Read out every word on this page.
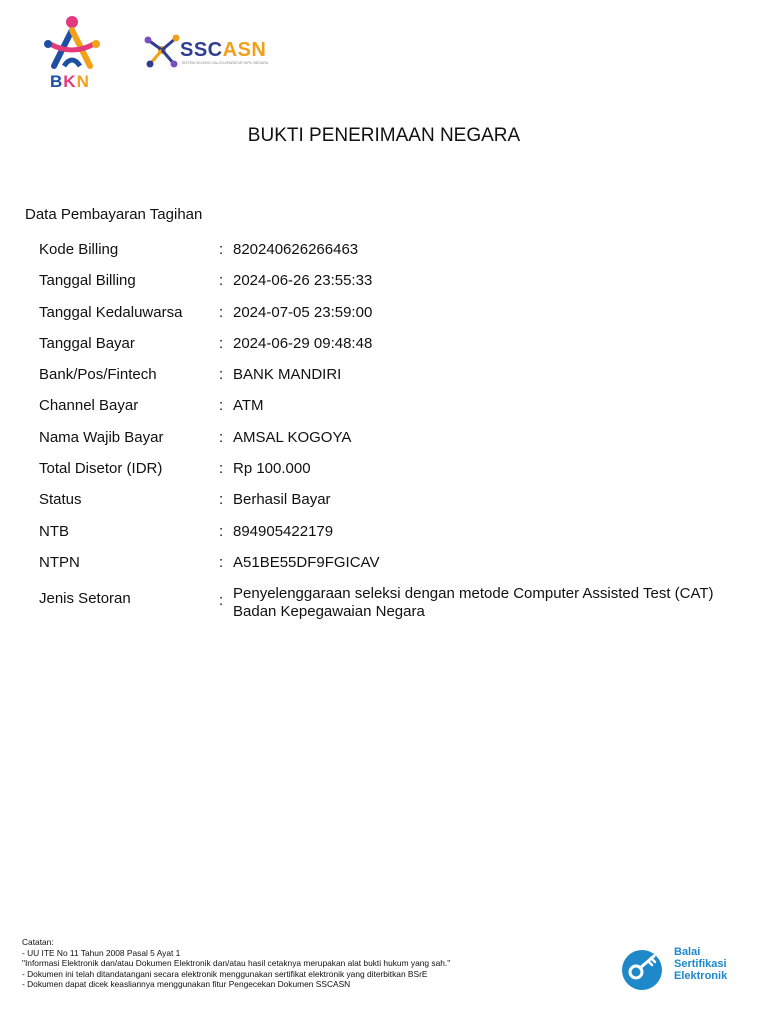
BKN
SSCASN
SISTEM SELEKSI CALON APARATUR SIPIL NEGARA
BUKTI PENERIMAAN NEGARA
Data Pembayaran Tagihan
Kode Billing	: 820240626266463
Tanggal Billing	: 2024-06-26 23:55:33
Tanggal Kedaluwarsa	: 2024-07-05 23:59:00
Tanggal Bayar	: 2024-06-29 09:48:48
Bank/Pos/Fintech	: BANK MANDIRI
Channel Bayar	: ATM
Nama Wajib Bayar	: AMSAL KOGOYA
Total Disetor (IDR)	: Rp 100.000
Status	: Berhasil Bayar
NTB	: 894905422179
NTPN	: A51BE55DF9FGICAV
Jenis Setoran	: Penyelenggaraan seleksi dengan metode Computer Assisted Test (CAT)
Badan Kepegawaian Negara
Catatan:
- UU ITE No 11 Tahun 2008 Pasal 5 Ayat 1
"Informasi Elektronik dan/atau Dokumen Elektronik dan/atau hasil cetaknya merupakan alat bukti hukum yang sah."
- Dokumen ini telah ditandatangani secara elektronik menggunakan sertifikat elektronik yang diterbitkan BSrE
- Dokumen dapat dicek keasliannya menggunakan fitur Pengecekan Dokumen SSCASN
Balai
Sertifikasi
Elektronik
